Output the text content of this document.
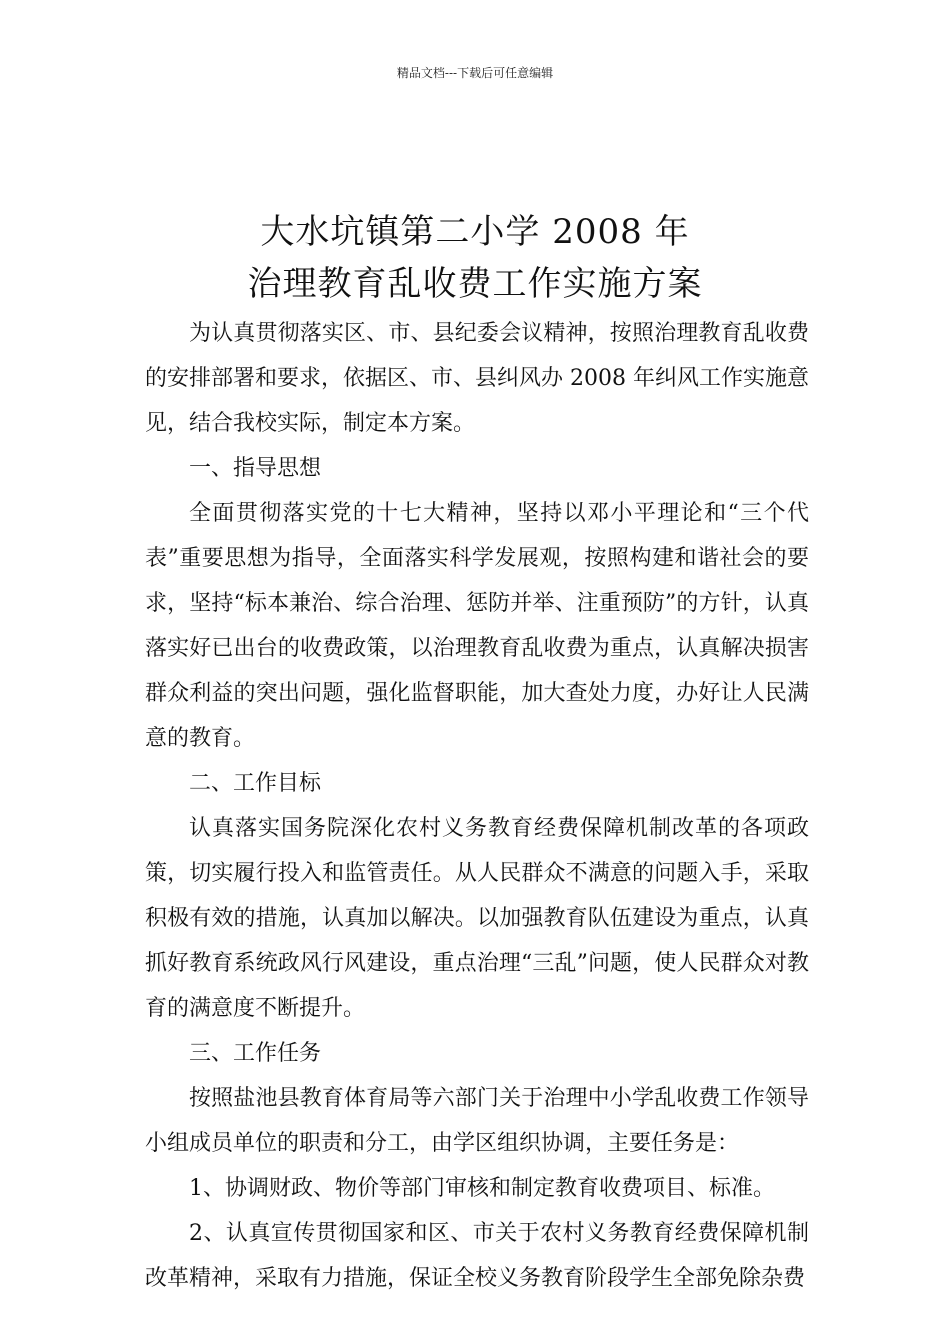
精品文档---下载后可任意编辑
大水坑镇第二小学 2008 年
治理教育乱收费工作实施方案

为认真贯彻落实区、市、县纪委会议精神，按照治理教育乱收费的安排部署和要求，依据区、市、县纠风办 2008 年纠风工作实施意见，结合我校实际，制定本方案。

一、指导思想

全面贯彻落实党的十七大精神，坚持以邓小平理论和“三个代表”重要思想为指导，全面落实科学发展观，按照构建和谐社会的要求，坚持“标本兼治、综合治理、惩防并举、注重预防”的方针，认真落实好已出台的收费政策，以治理教育乱收费为重点，认真解决损害群众利益的突出问题，强化监督职能，加大查处力度，办好让人民满意的教育。

二、工作目标

认真落实国务院深化农村义务教育经费保障机制改革的各项政策，切实履行投入和监管责任。从人民群众不满意的问题入手，采取积极有效的措施，认真加以解决。以加强教育队伍建设为重点，认真抓好教育系统政风行风建设，重点治理“三乱”问题，使人民群众对教育的满意度不断提升。

三、工作任务

按照盐池县教育体育局等六部门关于治理中小学乱收费工作领导小组成员单位的职责和分工，由学区组织协调，主要任务是：

1、协调财政、物价等部门审核和制定教育收费项目、标准。

2、认真宣传贯彻国家和区、市关于农村义务教育经费保障机制改革精神，采取有力措施，保证全校义务教育阶段学生全部免除杂费
